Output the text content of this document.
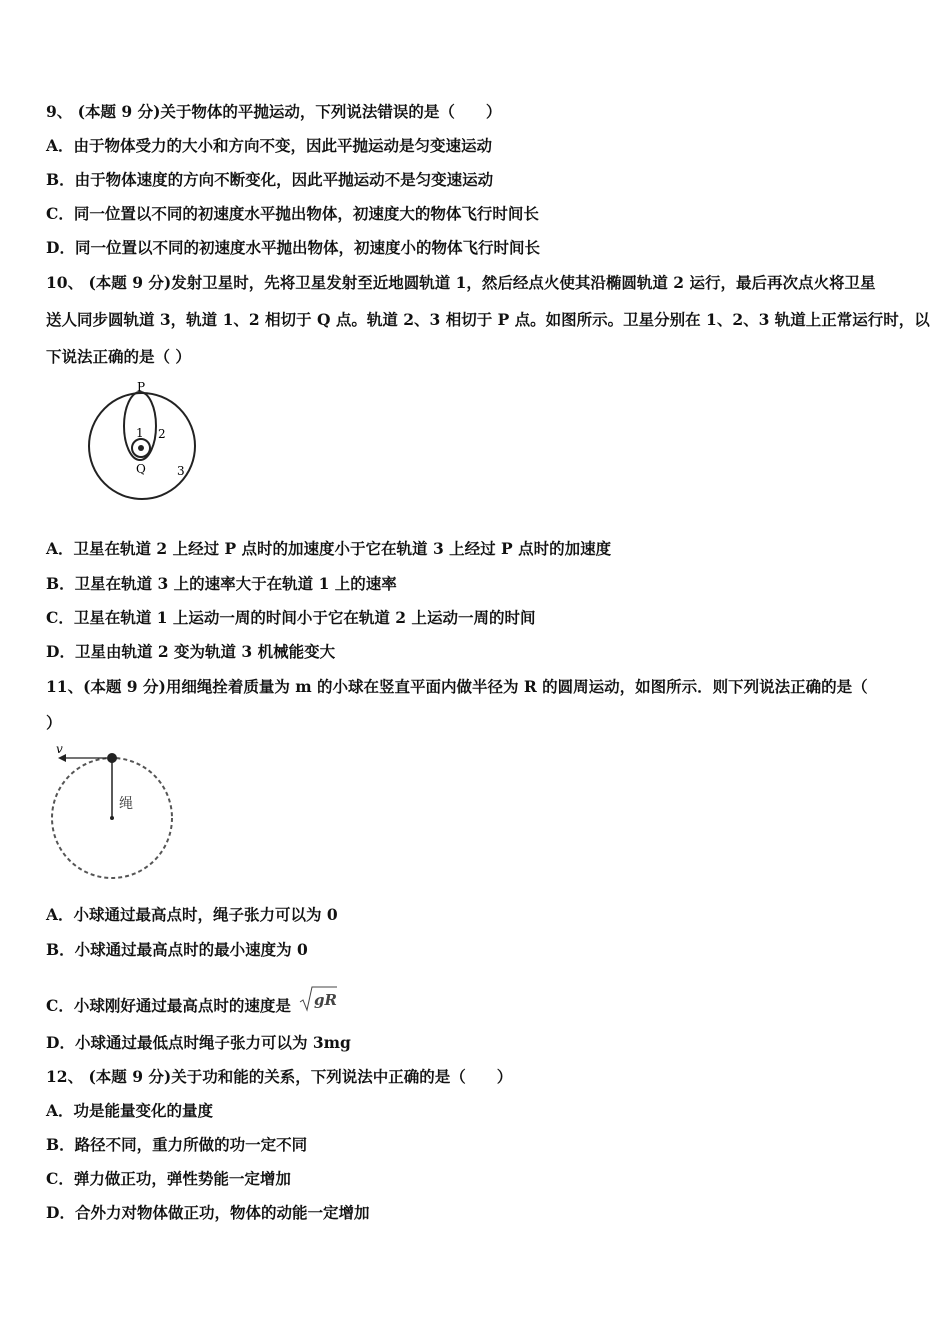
9、 (本题 9 分)关于物体的平抛运动，下列说法错误的是（　　）
A．由于物体受力的大小和方向不变，因此平抛运动是匀变速运动
B．由于物体速度的方向不断变化，因此平抛运动不是匀变速运动
C．同一位置以不同的初速度水平抛出物体，初速度大的物体飞行时间长
D．同一位置以不同的初速度水平抛出物体，初速度小的物体飞行时间长
10、 (本题 9 分)发射卫星时，先将卫星发射至近地圆轨道 1，然后经点火使其沿椭圆轨道 2 运行，最后再次点火将卫星
送人同步圆轨道 3，轨道 1、2 相切于 Q 点。轨道 2、3 相切于 P 点。如图所示。卫星分别在 1、2、3 轨道上正常运行时，以
下说法正确的是（ ）
P
1 2
Q	3
A．卫星在轨道 2 上经过 P 点时的加速度小于它在轨道 3 上经过 P 点时的加速度
B．卫星在轨道 3 上的速率大于在轨道 1 上的速率
C．卫星在轨道 1 上运动一周的时间小于它在轨道 2 上运动一周的时间
D．卫星由轨道 2 变为轨道 3 机械能变大
11、(本题 9 分)用细绳拴着质量为 m 的小球在竖直平面内做半径为 R 的圆周运动，如图所示．则下列说法正确的是（
）
v
绳
A．小球通过最高点时，绳子张力可以为 0
B．小球通过最高点时的最小速度为 0
C．小球刚好通过最高点时的速度是 gR
D．小球通过最低点时绳子张力可以为 3mg
12、 (本题 9 分)关于功和能的关系，下列说法中正确的是（　　）
A．功是能量变化的量度
B．路径不同，重力所做的功一定不同
C．弹力做正功，弹性势能一定增加
D．合外力对物体做正功，物体的动能一定增加
